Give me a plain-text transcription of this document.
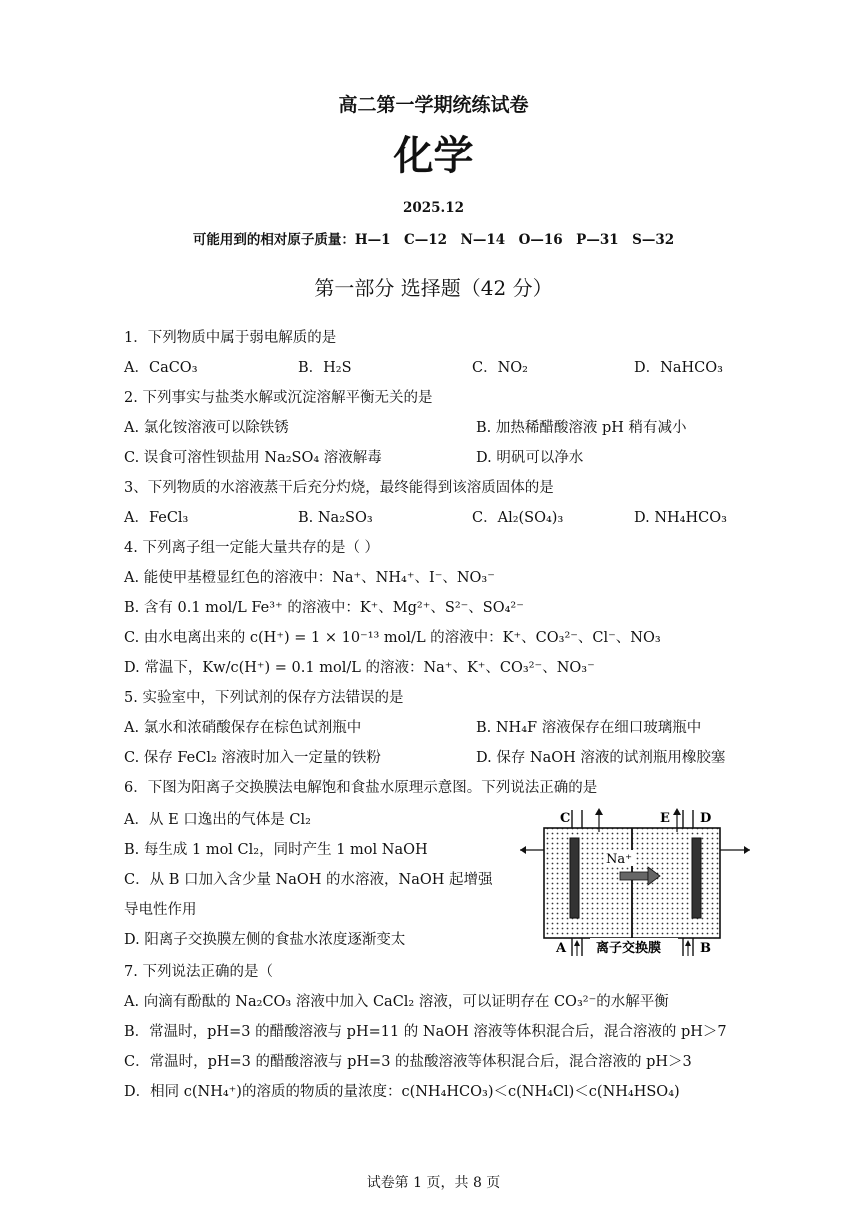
高二第一学期统练试卷
化学
2025.12
可能用到的相对原子质量：H—1　C—12　N—14　O—16　P—31　S—32
第一部分 选择题（42 分）
1．下列物质中属于弱电解质的是
A．CaCO₃	B．H₂S	C．NO₂	D．NaHCO₃
2. 下列事实与盐类水解或沉淀溶解平衡无关的是
A. 氯化铵溶液可以除铁锈	B. 加热稀醋酸溶液 pH 稍有减小
C. 误食可溶性钡盐用 Na₂SO₄ 溶液解毒	D. 明矾可以净水
3、下列物质的水溶液蒸干后充分灼烧，最终能得到该溶质固体的是
A．FeCl₃	B. Na₂SO₃	C．Al₂(SO₄)₃	D. NH₄HCO₃
4. 下列离子组一定能大量共存的是（ ）
A. 能使甲基橙显红色的溶液中：Na⁺、NH₄⁺、I⁻、NO₃⁻
B. 含有 0.1 mol/L Fe³⁺ 的溶液中：K⁺、Mg²⁺、S²⁻、SO₄²⁻
C. 由水电离出来的 c(H⁺) = 1 × 10⁻¹³ mol/L 的溶液中：K⁺、CO₃²⁻、Cl⁻、NO₃
D. 常温下，Kw/c(H⁺) = 0.1 mol/L 的溶液：Na⁺、K⁺、CO₃²⁻、NO₃⁻
5. 实验室中，下列试剂的保存方法错误的是
A. 氯水和浓硝酸保存在棕色试剂瓶中	B. NH₄F 溶液保存在细口玻璃瓶中
C. 保存 FeCl₂ 溶液时加入一定量的铁粉	D. 保存 NaOH 溶液的试剂瓶用橡胶塞
6．下图为阳离子交换膜法电解饱和食盐水原理示意图。下列说法正确的是
A．从 E 口逸出的气体是 Cl₂
B. 每生成 1 mol Cl₂，同时产生 1 mol NaOH
C．从 B 口加入含少量 NaOH 的水溶液，NaOH 起增强
导电性作用
D. 阳离子交换膜左侧的食盐水浓度逐渐变太
Na⁺
C	E D
A	B
离子交换膜
7. 下列说法正确的是（
A. 向滴有酚酞的 Na₂CO₃ 溶液中加入 CaCl₂ 溶液，可以证明存在 CO₃²⁻的水解平衡
B．常温时，pH=3 的醋酸溶液与 pH=11 的 NaOH 溶液等体积混合后，混合溶液的 pH＞7
C．常温时，pH=3 的醋酸溶液与 pH=3 的盐酸溶液等体积混合后，混合溶液的 pH＞3
D．相同 c(NH₄⁺)的溶质的物质的量浓度：c(NH₄HCO₃)＜c(NH₄Cl)＜c(NH₄HSO₄)
试卷第 1 页，共 8 页
